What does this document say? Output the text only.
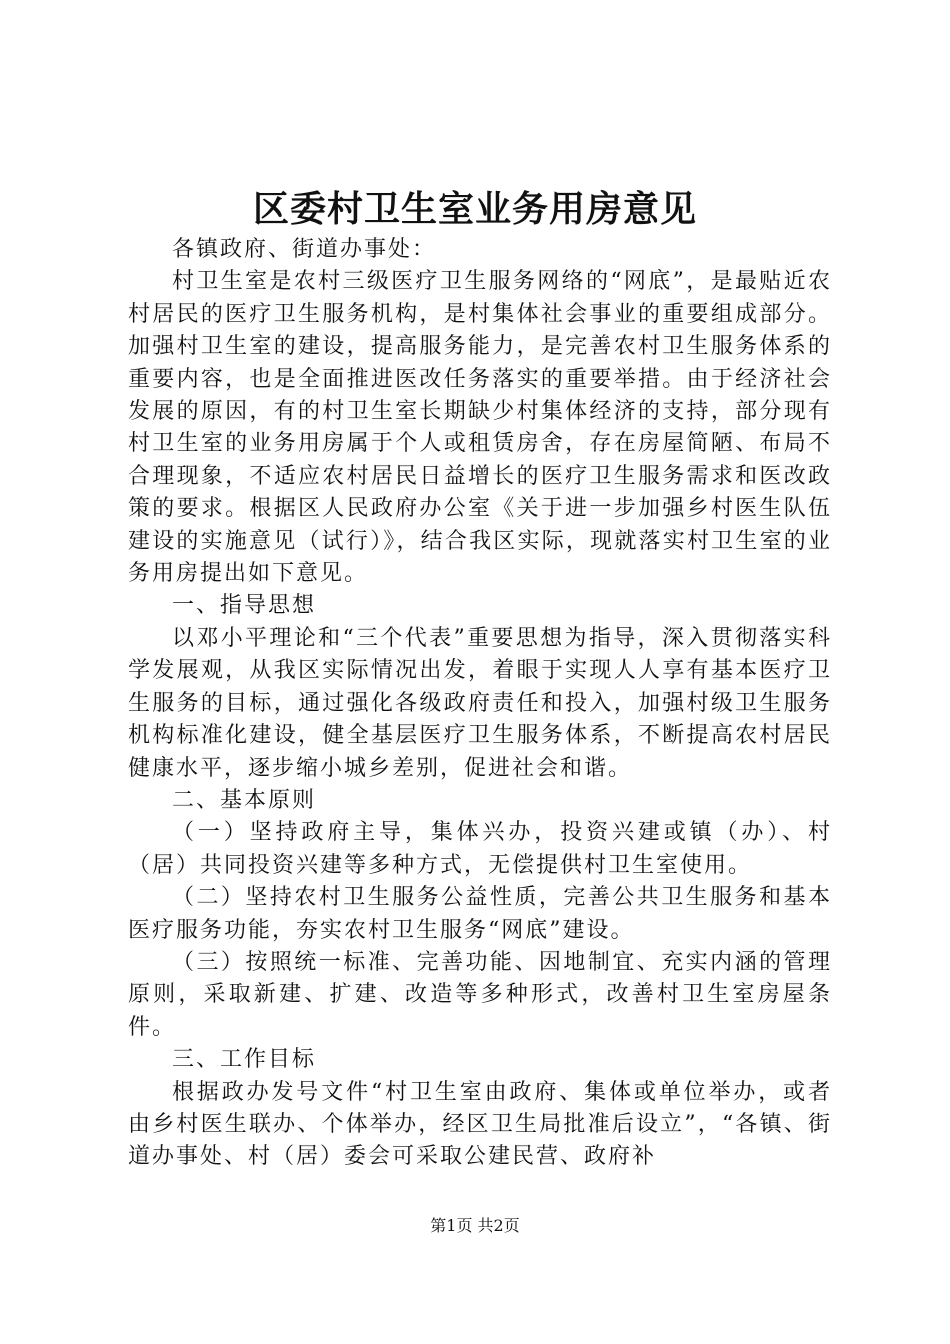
区委村卫生室业务用房意见

各镇政府、街道办事处：

村卫生室是农村三级医疗卫生服务网络的“网底”，是最贴近农村居民的医疗卫生服务机构，是村集体社会事业的重要组成部分。加强村卫生室的建设，提高服务能力，是完善农村卫生服务体系的重要内容，也是全面推进医改任务落实的重要举措。由于经济社会发展的原因，有的村卫生室长期缺少村集体经济的支持，部分现有村卫生室的业务用房属于个人或租赁房舍，存在房屋简陋、布局不合理现象，不适应农村居民日益增长的医疗卫生服务需求和医改政策的要求。根据区人民政府办公室《关于进一步加强乡村医生队伍建设的实施意见（试行）》，结合我区实际，现就落实村卫生室的业务用房提出如下意见。

一、指导思想

以邓小平理论和“三个代表”重要思想为指导，深入贯彻落实科学发展观，从我区实际情况出发，着眼于实现人人享有基本医疗卫生服务的目标，通过强化各级政府责任和投入，加强村级卫生服务机构标准化建设，健全基层医疗卫生服务体系，不断提高农村居民健康水平，逐步缩小城乡差别，促进社会和谐。

二、基本原则

（一）坚持政府主导，集体兴办，投资兴建或镇（办）、村（居）共同投资兴建等多种方式，无偿提供村卫生室使用。

（二）坚持农村卫生服务公益性质，完善公共卫生服务和基本医疗服务功能，夯实农村卫生服务“网底”建设。

（三）按照统一标准、完善功能、因地制宜、充实内涵的管理原则，采取新建、扩建、改造等多种形式，改善村卫生室房屋条件。

三、工作目标

根据政办发号文件“村卫生室由政府、集体或单位举办，或者由乡村医生联办、个体举办，经区卫生局批准后设立”，“各镇、街道办事处、村（居）委会可采取公建民营、政府补

第1页 共2页
